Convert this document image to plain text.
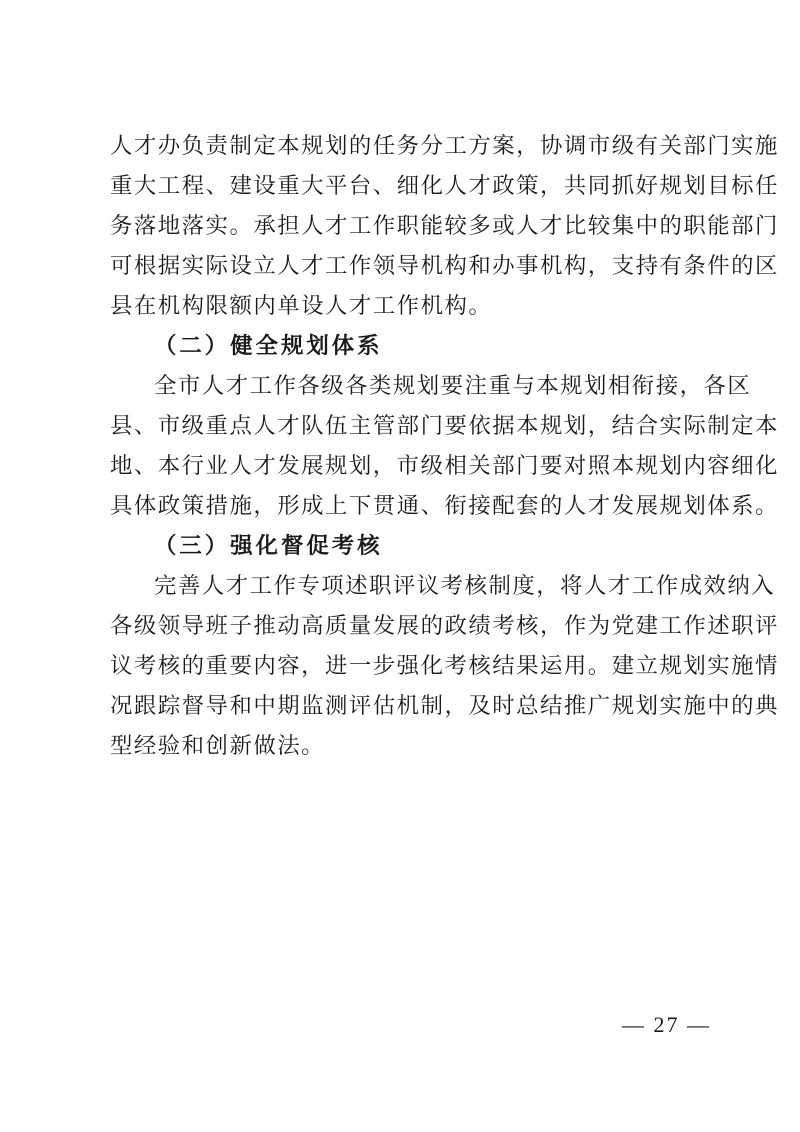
人才办负责制定本规划的任务分工方案，协调市级有关部门实施
重大工程、建设重大平台、细化人才政策，共同抓好规划目标任
务落地落实。承担人才工作职能较多或人才比较集中的职能部门
可根据实际设立人才工作领导机构和办事机构，支持有条件的区
县在机构限额内单设人才工作机构。
（二）健全规划体系
全市人才工作各级各类规划要注重与本规划相衔接，各区
县、市级重点人才队伍主管部门要依据本规划，结合实际制定本
地、本行业人才发展规划，市级相关部门要对照本规划内容细化
具体政策措施，形成上下贯通、衔接配套的人才发展规划体系。
（三）强化督促考核
完善人才工作专项述职评议考核制度，将人才工作成效纳入
各级领导班子推动高质量发展的政绩考核，作为党建工作述职评
议考核的重要内容，进一步强化考核结果运用。建立规划实施情
况跟踪督导和中期监测评估机制，及时总结推广规划实施中的典
型经验和创新做法。
— 27 —
